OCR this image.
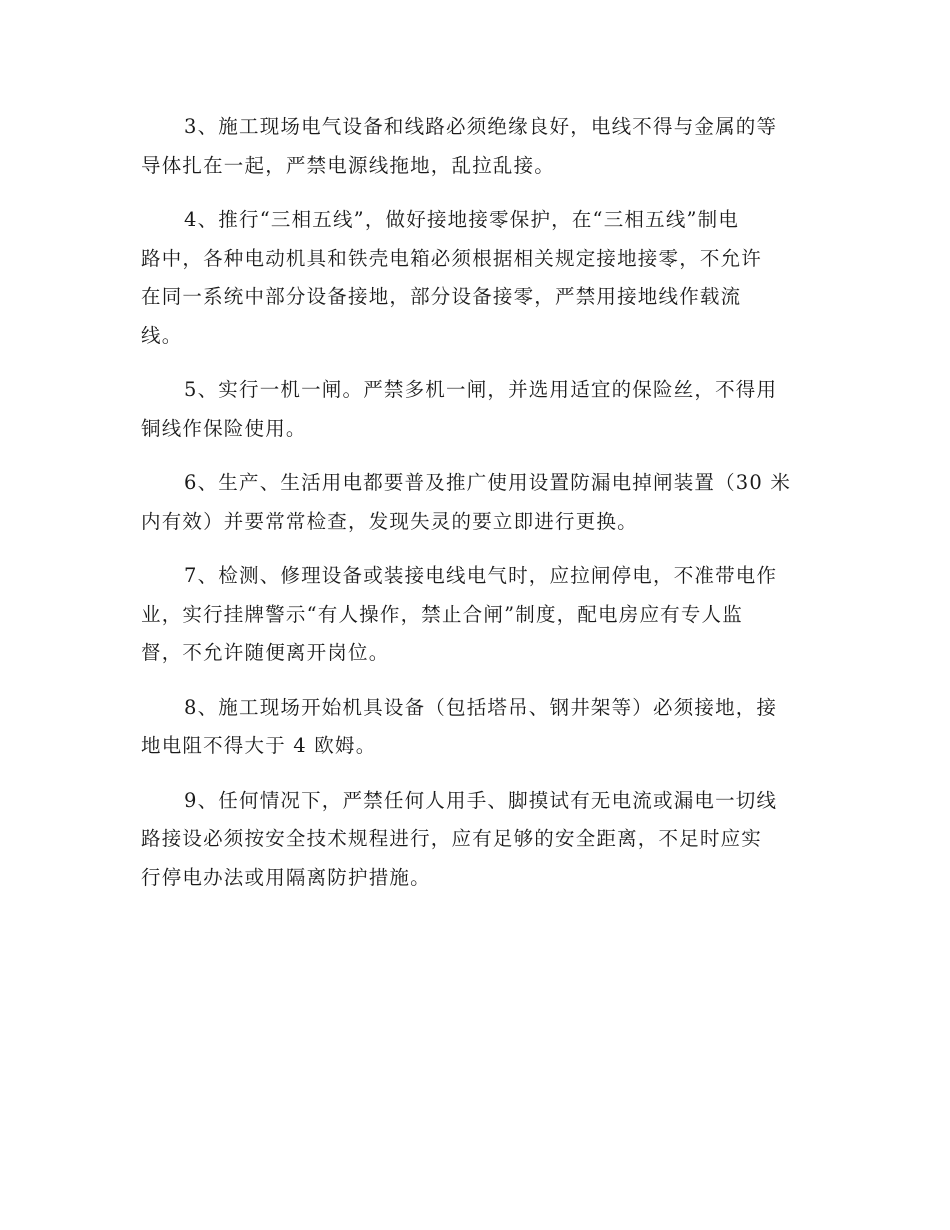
3、施工现场电气设备和线路必须绝缘良好，电线不得与金属的等
导体扎在一起，严禁电源线拖地，乱拉乱接。

4、推行“三相五线”，做好接地接零保护，在“三相五线”制电
路中，各种电动机具和铁壳电箱必须根据相关规定接地接零，不允许
在同一系统中部分设备接地，部分设备接零，严禁用接地线作载流
线。

5、实行一机一闸。严禁多机一闸，并选用适宜的保险丝，不得用
铜线作保险使用。

6、生产、生活用电都要普及推广使用设置防漏电掉闸装置（30 米
内有效）并要常常检查，发现失灵的要立即进行更换。

7、检测、修理设备或装接电线电气时，应拉闸停电，不准带电作
业，实行挂牌警示“有人操作，禁止合闸”制度，配电房应有专人监
督，不允许随便离开岗位。

8、施工现场开始机具设备（包括塔吊、钢井架等）必须接地，接
地电阻不得大于 4 欧姆。

9、任何情况下，严禁任何人用手、脚摸试有无电流或漏电一切线
路接设必须按安全技术规程进行，应有足够的安全距离，不足时应实
行停电办法或用隔离防护措施。
